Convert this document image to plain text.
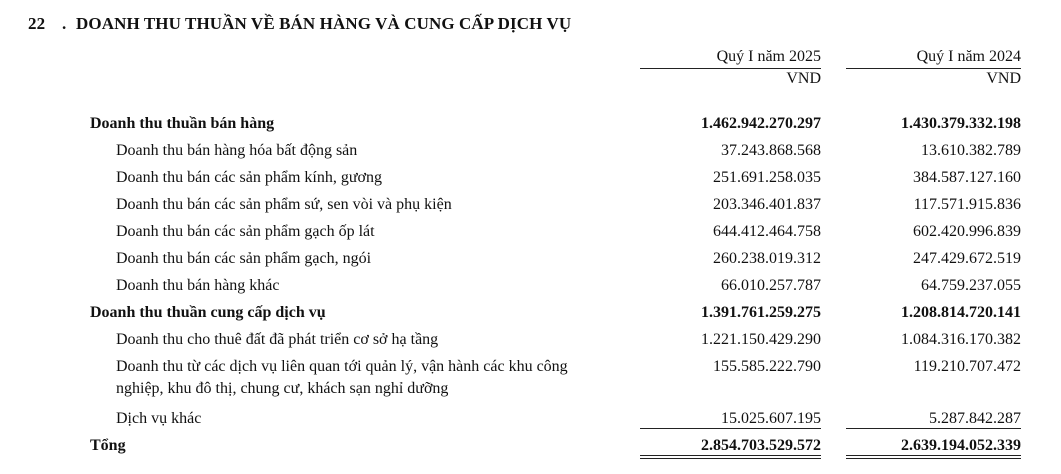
22 . DOANH THU THUẦN VỀ BÁN HÀNG VÀ CUNG CẤP DỊCH VỤ
Quý I năm 2025	Quý I năm 2024
VND	VND
Doanh thu thuần bán hàng	1.462.942.270.297	1.430.379.332.198
Doanh thu bán hàng hóa bất động sản	37.243.868.568	13.610.382.789
Doanh thu bán các sản phẩm kính, gương	251.691.258.035	384.587.127.160
Doanh thu bán các sản phẩm sứ, sen vòi và phụ kiện	203.346.401.837	117.571.915.836
Doanh thu bán các sản phẩm gạch ốp lát	644.412.464.758	602.420.996.839
Doanh thu bán các sản phẩm gạch, ngói	260.238.019.312	247.429.672.519
Doanh thu bán hàng khác	66.010.257.787	64.759.237.055
Doanh thu thuần cung cấp dịch vụ	1.391.761.259.275	1.208.814.720.141
Doanh thu cho thuê đất đã phát triển cơ sở hạ tầng	1.221.150.429.290	1.084.316.170.382
Doanh thu từ các dịch vụ liên quan tới quản lý, vận hành các khu công nghiệp, khu đô thị, chung cư, khách sạn nghỉ dưỡng
155.585.222.790	119.210.707.472
Dịch vụ khác	15.025.607.195	5.287.842.287
Tổng	2.854.703.529.572	2.639.194.052.339
